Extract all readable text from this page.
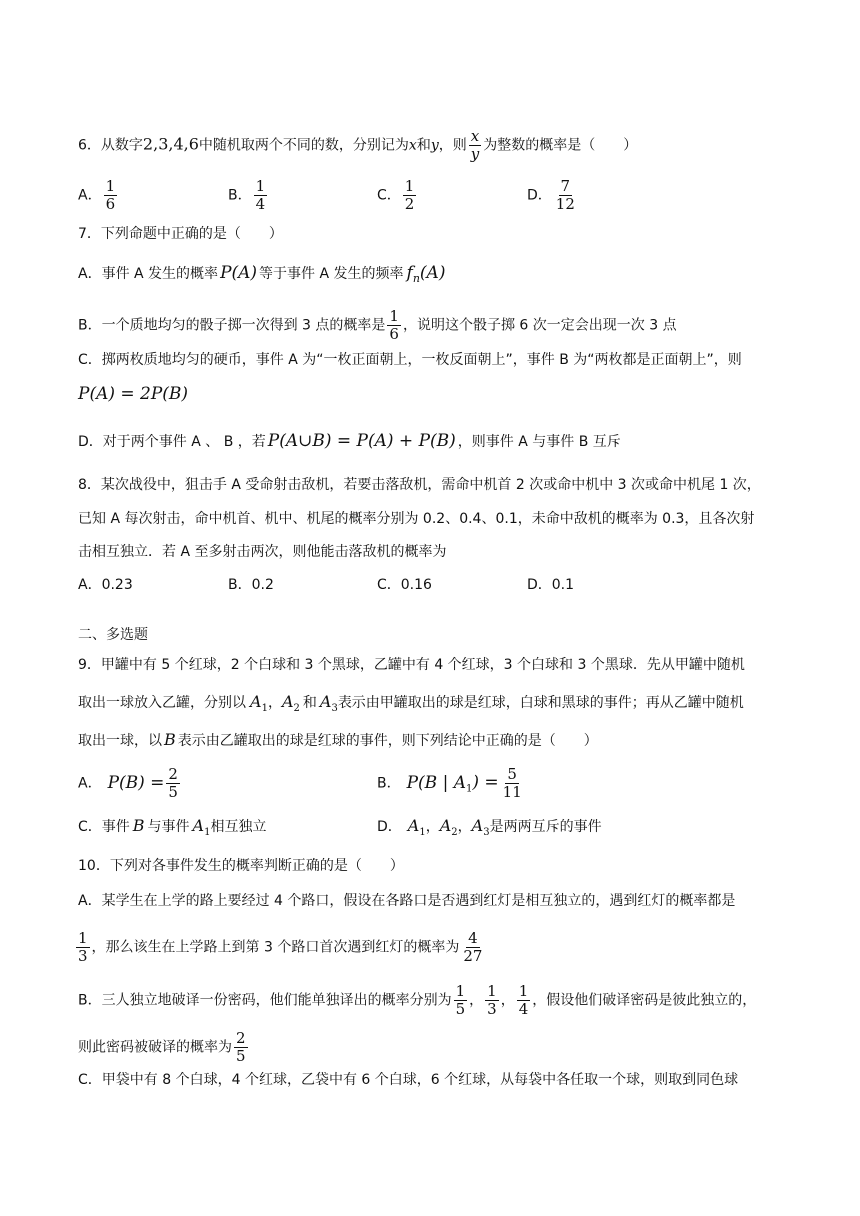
6．从数字2,3,4,6中随机取两个不同的数，分别记为x和y，则 $\frac{x}{y}$ 为整数的概率是（　　）
A． $\frac{1}{6}$	B． $\frac{1}{4}$	C． $\frac{1}{2}$	D． $\frac{7}{12}$
7．下列命题中正确的是（　　）
A．事件 A 发生的概率 P(A) 等于事件 A 发生的频率 $f_n(A)$
B．一个质地均匀的骰子掷一次得到 3 点的概率是 $\frac{1}{6}$ ，说明这个骰子掷 6 次一定会出现一次 3 点
C．掷两枚质地均匀的硬币，事件 A 为“一枚正面朝上，一枚反面朝上”，事件 B 为“两枚都是正面朝上”，则
P(A) = 2P(B)
D．对于两个事件 A 、 B ，若 P(A∪B) = P(A) + P(B) ，则事件 A 与事件 B 互斥
8．某次战役中，狙击手 A 受命射击敌机，若要击落敌机，需命中机首 2 次或命中机中 3 次或命中机尾 1 次，
已知 A 每次射击，命中机首、机中、机尾的概率分别为 0.2、0.4、0.1，未命中敌机的概率为 0.3，且各次射
击相互独立．若 A 至多射击两次，则他能击落敌机的概率为
A．0.23	B．0.2	C．0.16	D．0.1
二、多选题
9．甲罐中有 5 个红球，2 个白球和 3 个黑球，乙罐中有 4 个红球，3 个白球和 3 个黑球．先从甲罐中随机
取出一球放入乙罐，分别以 $A_1$，$A_2$ 和 $A_3$表示由甲罐取出的球是红球，白球和黑球的事件；再从乙罐中随机
取出一球，以 B 表示由乙罐取出的球是红球的事件，则下列结论中正确的是（　　）
A． $P(B) = \frac{2}{5}$	B． P(B | $A_1) = \frac{5}{11}$
C．事件 B 与事件 $A_1$相互独立	D． $A_1$，$A_2$，$A_3$是两两互斥的事件
10．下列对各事件发生的概率判断正确的是（　　）
A．某学生在上学的路上要经过 4 个路口，假设在各路口是否遇到红灯是相互独立的，遇到红灯的概率都是
$\frac{1}{3}$ ，那么该生在上学路上到第 3 个路口首次遇到红灯的概率为 $\frac{4}{27}$
B．三人独立地破译一份密码，他们能单独译出的概率分别为 $\frac{1}{5}$ ， $\frac{1}{3}$ ， $\frac{1}{4}$ ，假设他们破译密码是彼此独立的，
则此密码被破译的概率为 $\frac{2}{5}$
C．甲袋中有 8 个白球，4 个红球，乙袋中有 6 个白球，6 个红球，从每袋中各任取一个球，则取到同色球
